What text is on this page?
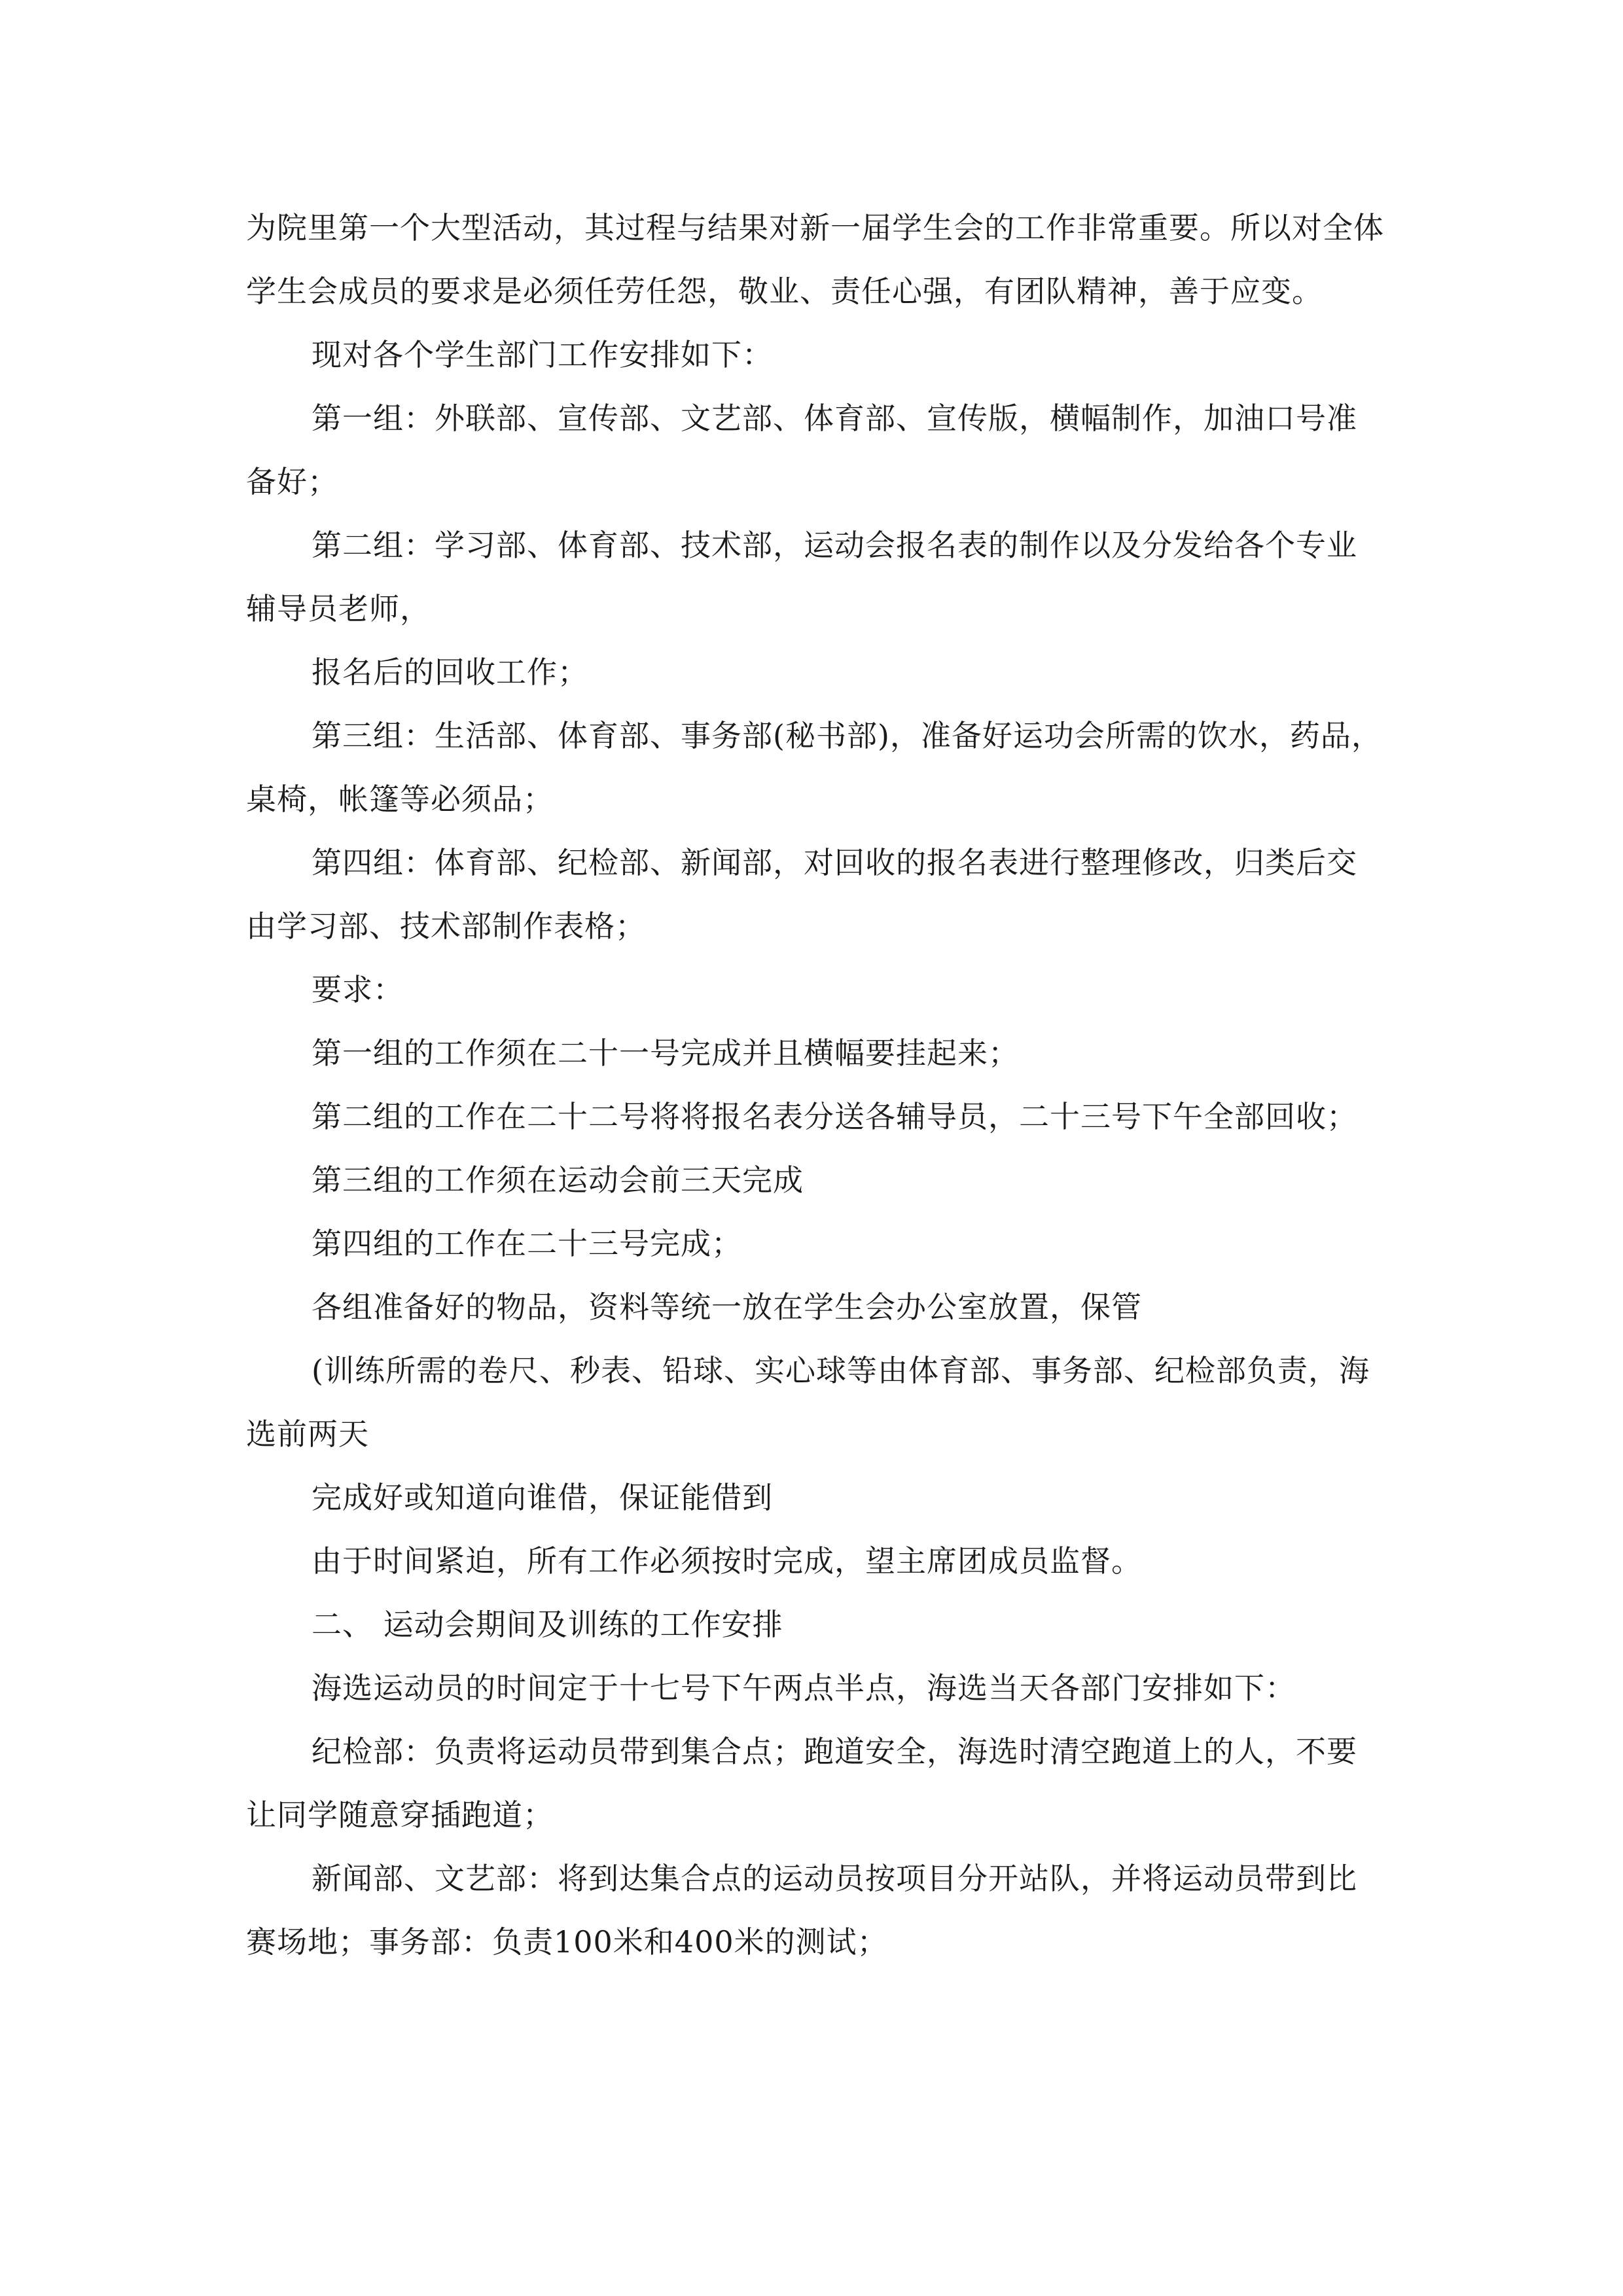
为院里第一个大型活动，其过程与结果对新一届学生会的工作非常重要。所以对全体学生会成员的要求是必须任劳任怨，敬业、责任心强，有团队精神，善于应变。

现对各个学生部门工作安排如下：

第一组：外联部、宣传部、文艺部、体育部、宣传版，横幅制作，加油口号准备好；

第二组：学习部、体育部、技术部，运动会报名表的制作以及分发给各个专业辅导员老师，

报名后的回收工作；

第三组：生活部、体育部、事务部(秘书部)，准备好运功会所需的饮水，药品，桌椅，帐篷等必须品；

第四组：体育部、纪检部、新闻部，对回收的报名表进行整理修改，归类后交由学习部、技术部制作表格；

要求：

第一组的工作须在二十一号完成并且横幅要挂起来；

第二组的工作在二十二号将将报名表分送各辅导员，二十三号下午全部回收；

第三组的工作须在运动会前三天完成

第四组的工作在二十三号完成；

各组准备好的物品，资料等统一放在学生会办公室放置，保管

(训练所需的卷尺、秒表、铅球、实心球等由体育部、事务部、纪检部负责，海选前两天

完成好或知道向谁借，保证能借到

由于时间紧迫，所有工作必须按时完成，望主席团成员监督。

二、 运动会期间及训练的工作安排

海选运动员的时间定于十七号下午两点半点，海选当天各部门安排如下：

纪检部：负责将运动员带到集合点；跑道安全，海选时清空跑道上的人，不要让同学随意穿插跑道；

新闻部、文艺部：将到达集合点的运动员按项目分开站队，并将运动员带到比赛场地；事务部：负责100米和400米的测试；
